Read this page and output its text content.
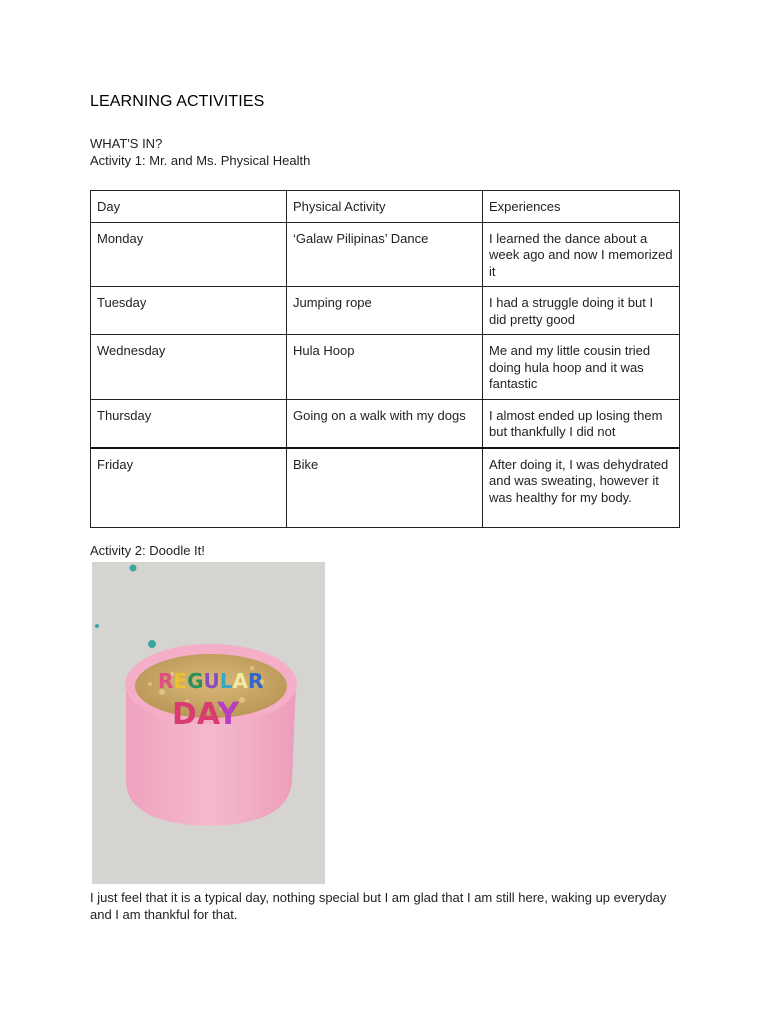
LEARNING ACTIVITIES
WHAT'S IN?
Activity 1: Mr. and Ms. Physical Health
Day	Physical Activity	Experiences
Monday	‘Galaw Pilipinas’ Dance	I learned the dance about a week ago and now I memorized it
Tuesday	Jumping rope	I had a struggle doing it but I did pretty good
Wednesday	Hula Hoop	Me and my little cousin tried doing hula hoop and it was fantastic
Thursday	Going on a walk with my dogs	I almost ended up losing them but thankfully I did not
Friday	Bike	After doing it, I was dehydrated and was sweating, however it was healthy for my body.
Activity 2: Doodle It!
REGULAR
DAY
I just feel that it is a typical day, nothing special but I am glad that I am still here, waking up everyday and I am thankful for that.
